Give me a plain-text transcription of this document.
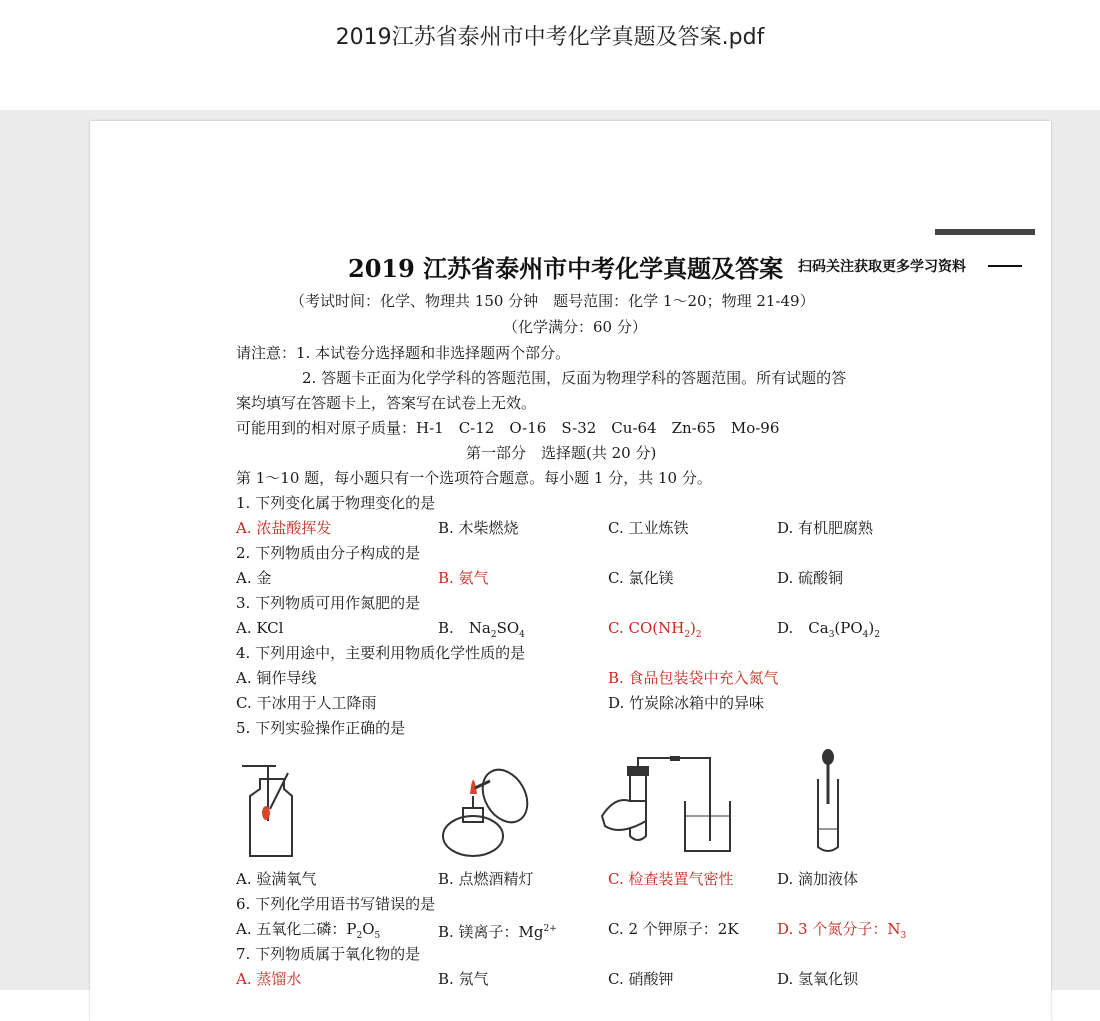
2019江苏省泰州市中考化学真题及答案.pdf
2019 江苏省泰州市中考化学真题及答案 扫码关注获取更多学习资料
（考试时间：化学、物理共 150 分钟　题号范围：化学 1～20；物理 21-49）
（化学满分：60 分）
请注意：1. 本试卷分选择题和非选择题两个部分。
2. 答题卡正面为化学学科的答题范围，反面为物理学科的答题范围。所有试题的答
案均填写在答题卡上，答案写在试卷上无效。
可能用到的相对原子质量：H-1　C-12　O-16　S-32　Cu-64　Zn-65　Mo-96
第一部分　选择题(共 20 分)
第 1～10 题，每小题只有一个选项符合题意。每小题 1 分，共 10 分。
1. 下列变化属于物理变化的是
A. 浓盐酸挥发	B. 木柴燃烧	C. 工业炼铁	D. 有机肥腐熟
2. 下列物质由分子构成的是
A. 金	B. 氨气	C. 氯化镁	D. 硫酸铜
3. 下列物质可用作氮肥的是
A. KCl	B.　$Na_2SO_4$	C. $CO(NH_2)_2$	D.　$Ca_3(PO_4)_2$
4. 下列用途中，主要利用物质化学性质的是
A. 铜作导线	B. 食品包装袋中充入氮气
C. 干冰用于人工降雨	D. 竹炭除冰箱中的异味
5. 下列实验操作正确的是
A. 验满氧气	B. 点燃酒精灯	C. 检查装置气密性	D. 滴加液体
6. 下列化学用语书写错误的是
A. 五氧化二磷：$P_2O_5$	B. 镁离子：$Mg^{2+}$	C. 2 个钾原子：2K	D. 3 个氮分子：$N_3$
7. 下列物质属于氧化物的是
A. 蒸馏水	B. 氖气	C. 硝酸钾	D. 氢氧化钡
